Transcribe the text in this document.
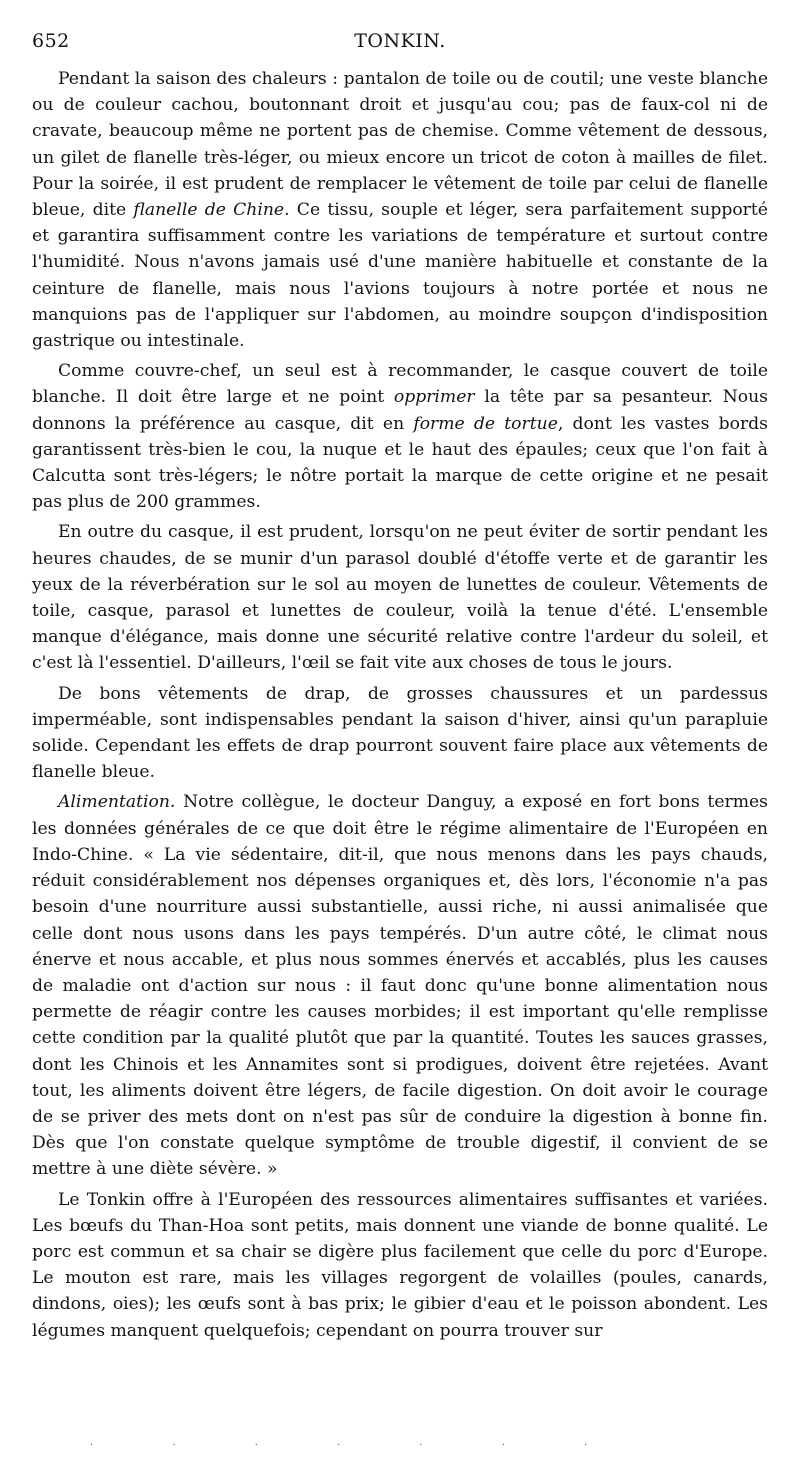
652	TONKIN.

Pendant la saison des chaleurs : pantalon de toile ou de coutil; une veste blanche ou de couleur cachou, boutonnant droit et jusqu'au cou; pas de faux-col ni de cravate, beaucoup même ne portent pas de chemise. Comme vêtement de dessous, un gilet de flanelle très-léger, ou mieux encore un tricot de coton à mailles de filet. Pour la soirée, il est prudent de remplacer le vêtement de toile par celui de flanelle bleue, dite flanelle de Chine. Ce tissu, souple et léger, sera parfaitement supporté et garantira suffisamment contre les variations de température et surtout contre l'humidité. Nous n'avons jamais usé d'une manière habituelle et constante de la ceinture de flanelle, mais nous l'avions toujours à notre portée et nous ne manquions pas de l'appliquer sur l'abdomen, au moindre soupçon d'indisposition gastrique ou intestinale.

Comme couvre-chef, un seul est à recommander, le casque couvert de toile blanche. Il doit être large et ne point opprimer la tête par sa pesanteur. Nous donnons la préférence au casque, dit en forme de tortue, dont les vastes bords garantissent très-bien le cou, la nuque et le haut des épaules; ceux que l'on fait à Calcutta sont très-légers; le nôtre portait la marque de cette origine et ne pesait pas plus de 200 grammes.

En outre du casque, il est prudent, lorsqu'on ne peut éviter de sortir pendant les heures chaudes, de se munir d'un parasol doublé d'étoffe verte et de garantir les yeux de la réverbération sur le sol au moyen de lunettes de couleur. Vêtements de toile, casque, parasol et lunettes de couleur, voilà la tenue d'été. L'ensemble manque d'élégance, mais donne une sécurité relative contre l'ardeur du soleil, et c'est là l'essentiel. D'ailleurs, l'œil se fait vite aux choses de tous le jours.

De bons vêtements de drap, de grosses chaussures et un pardessus imperméable, sont indispensables pendant la saison d'hiver, ainsi qu'un parapluie solide. Cependant les effets de drap pourront souvent faire place aux vêtements de flanelle bleue.

Alimentation. Notre collègue, le docteur Danguy, a exposé en fort bons termes les données générales de ce que doit être le régime alimentaire de l'Européen en Indo-Chine. « La vie sédentaire, dit-il, que nous menons dans les pays chauds, réduit considérablement nos dépenses organiques et, dès lors, l'économie n'a pas besoin d'une nourriture aussi substantielle, aussi riche, ni aussi animalisée que celle dont nous usons dans les pays tempérés. D'un autre côté, le climat nous énerve et nous accable, et plus nous sommes énervés et accablés, plus les causes de maladie ont d'action sur nous : il faut donc qu'une bonne alimentation nous permette de réagir contre les causes morbides; il est important qu'elle remplisse cette condition par la qualité plutôt que par la quantité. Toutes les sauces grasses, dont les Chinois et les Annamites sont si prodigues, doivent être rejetées. Avant tout, les aliments doivent être légers, de facile digestion. On doit avoir le courage de se priver des mets dont on n'est pas sûr de conduire la digestion à bonne fin. Dès que l'on constate quelque symptôme de trouble digestif, il convient de se mettre à une diète sévère. »

Le Tonkin offre à l'Européen des ressources alimentaires suffisantes et variées. Les bœufs du Than-Hoa sont petits, mais donnent une viande de bonne qualité. Le porc est commun et sa chair se digère plus facilement que celle du porc d'Europe. Le mouton est rare, mais les villages regorgent de volailles (poules, canards, dindons, oies); les œufs sont à bas prix; le gibier d'eau et le poisson abondent. Les légumes manquent quelquefois; cependant on pourra trouver sur

· · · · · · ·
